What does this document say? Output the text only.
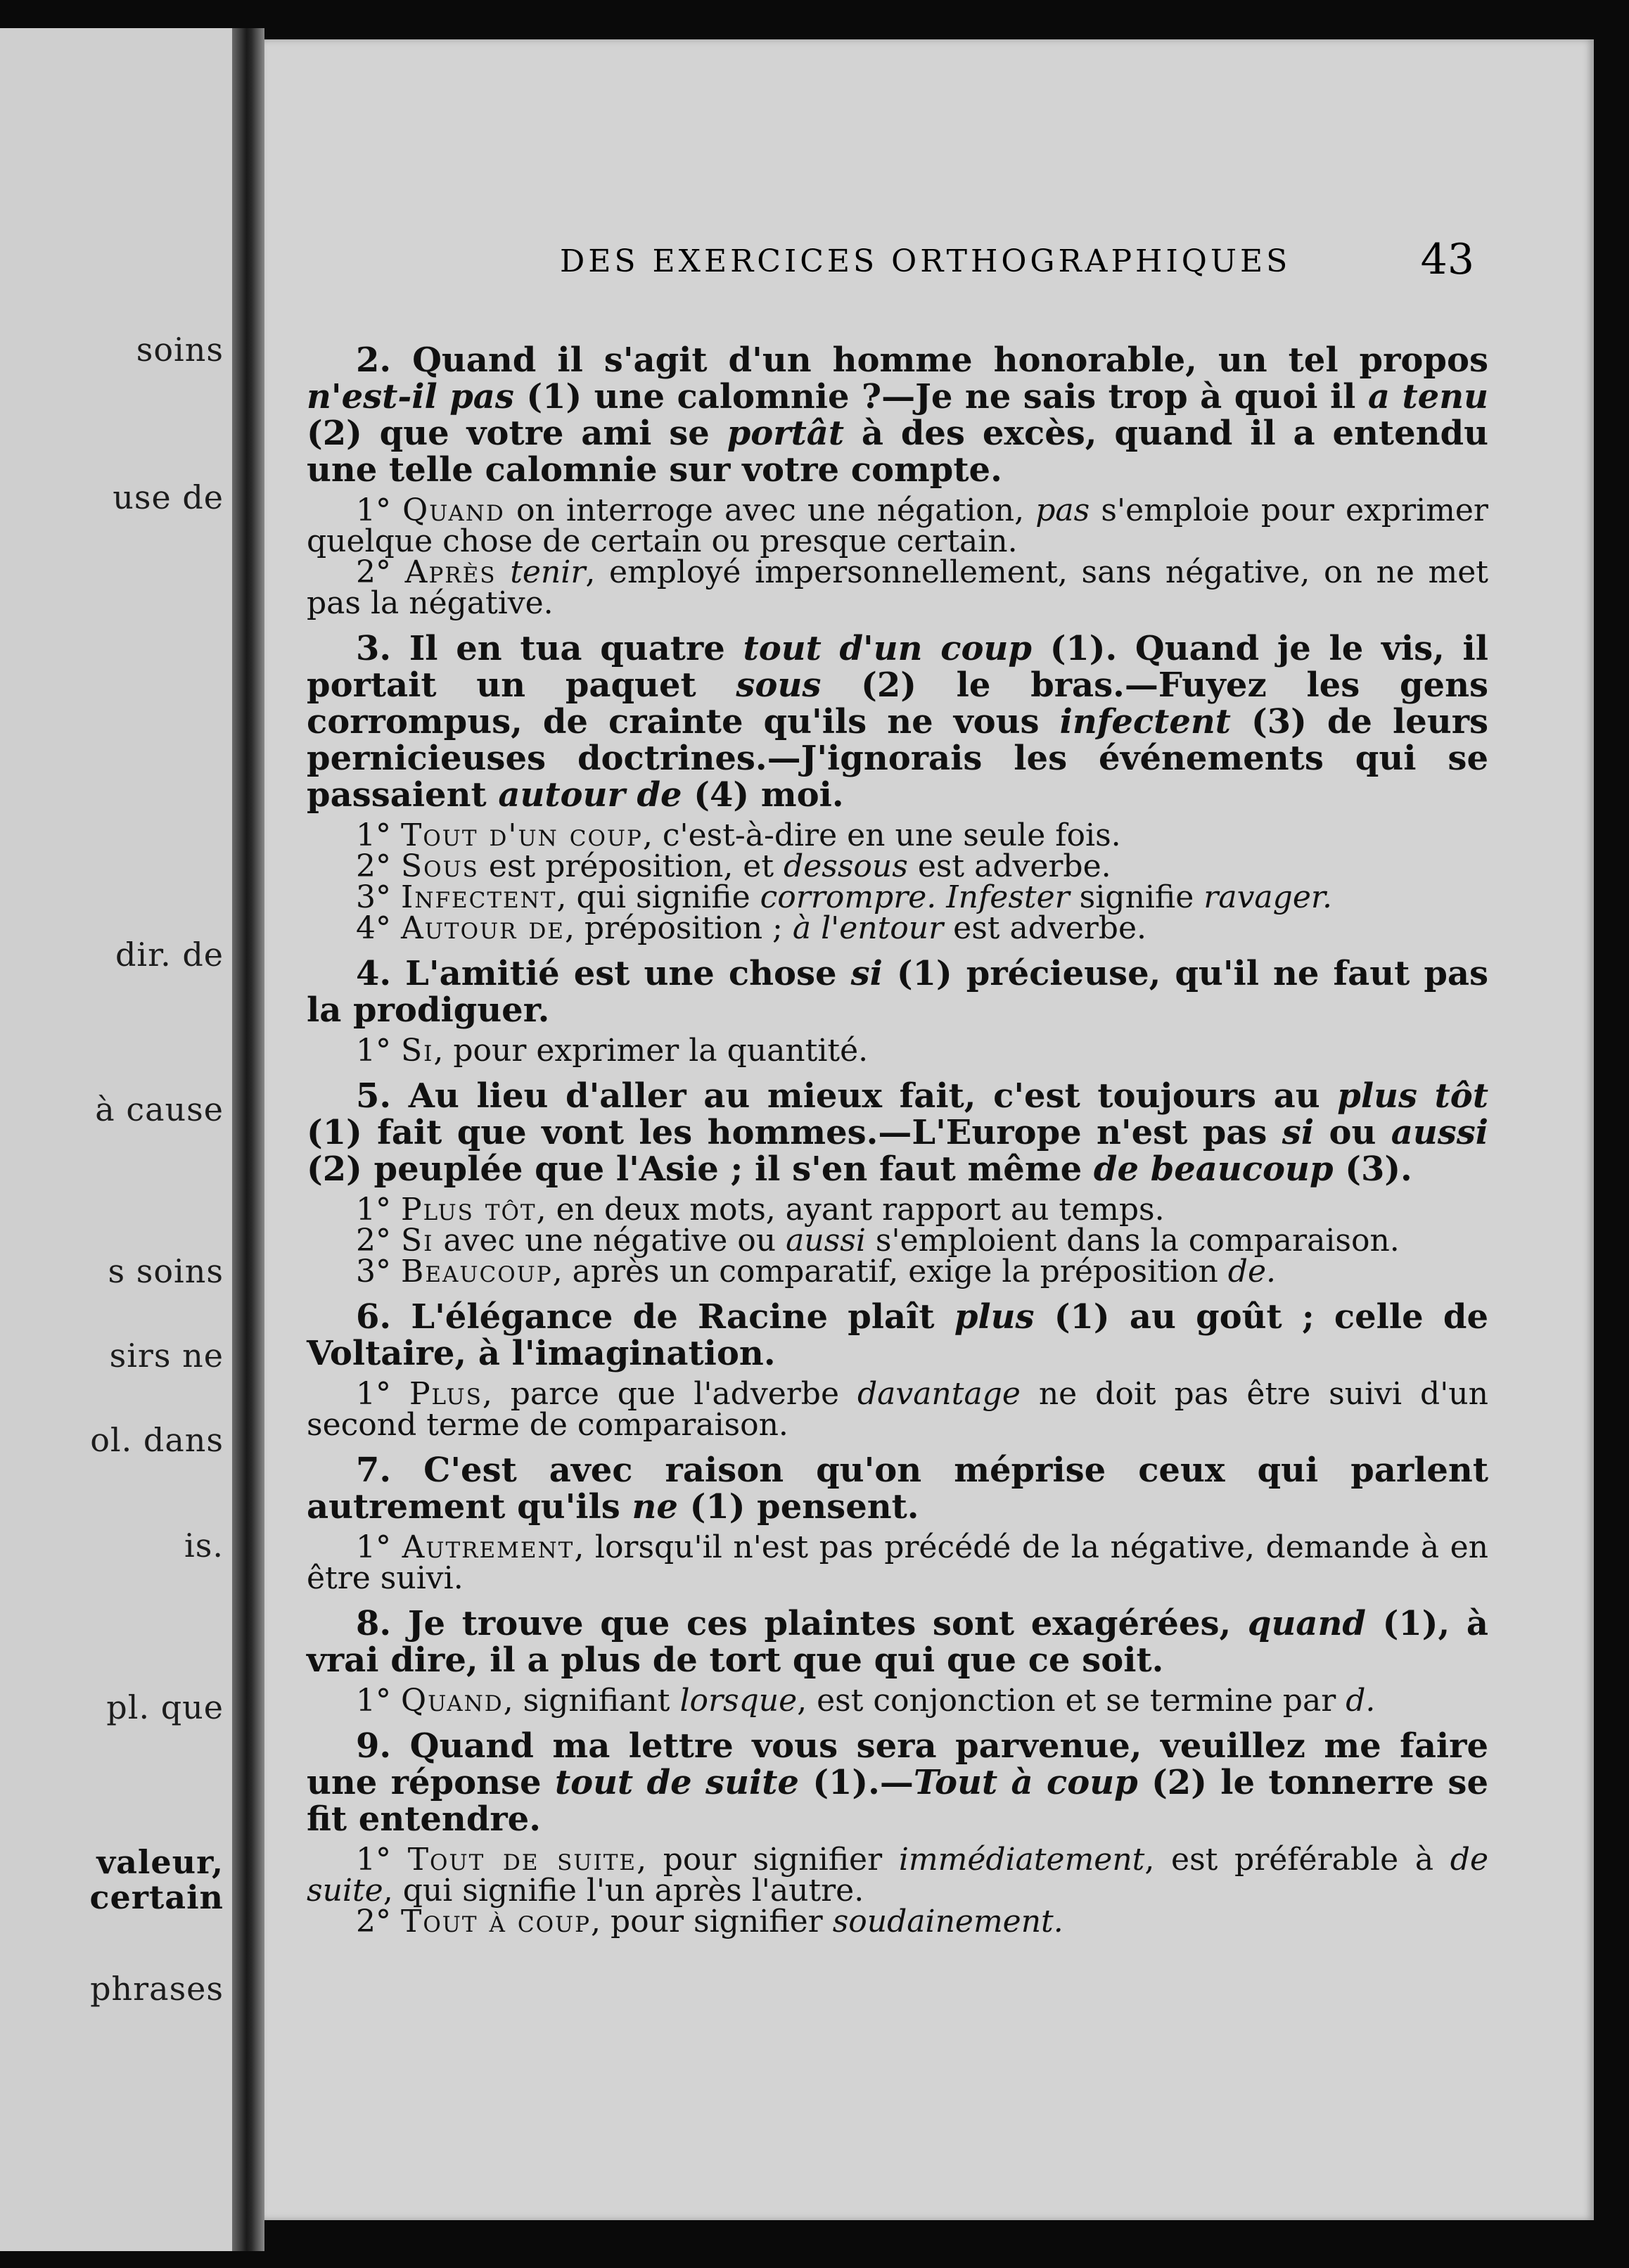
soins
use de
dir. de
à cause
s soins
sirs ne
ol. dans
is.
pl. que
valeur,
certain
phrases
DES EXERCICES ORTHOGRAPHIQUES	43

2. Quand il s'agit d'un homme honorable, un tel propos n'est-il pas (1) une calomnie ?—Je ne sais trop à quoi il a tenu (2) que votre ami se portât à des excès, quand il a entendu une telle calomnie sur votre compte.

1° Quand on interroge avec une négation, pas s'emploie pour exprimer quelque chose de certain ou presque certain.

2° Après tenir, employé impersonnellement, sans négative, on ne met pas la négative.

3. Il en tua quatre tout d'un coup (1). Quand je le vis, il portait un paquet sous (2) le bras.—Fuyez les gens corrompus, de crainte qu'ils ne vous infectent (3) de leurs pernicieuses doctrines.—J'ignorais les événements qui se passaient autour de (4) moi.

1° Tout d'un coup, c'est-à-dire en une seule fois.

2° Sous est préposition, et dessous est adverbe.

3° Infectent, qui signifie corrompre. Infester signifie ravager.

4° Autour de, préposition ; à l'entour est adverbe.

4. L'amitié est une chose si (1) précieuse, qu'il ne faut pas la prodiguer.

1° Si, pour exprimer la quantité.

5. Au lieu d'aller au mieux fait, c'est toujours au plus tôt (1) fait que vont les hommes.—L'Europe n'est pas si ou aussi (2) peuplée que l'Asie ; il s'en faut même de beaucoup (3).

1° Plus tôt, en deux mots, ayant rapport au temps.

2° Si avec une négative ou aussi s'emploient dans la comparaison.

3° Beaucoup, après un comparatif, exige la préposition de.

6. L'élégance de Racine plaît plus (1) au goût ; celle de Voltaire, à l'imagination.

1° Plus, parce que l'adverbe davantage ne doit pas être suivi d'un second terme de comparaison.

7. C'est avec raison qu'on méprise ceux qui parlent autrement qu'ils ne (1) pensent.

1° Autrement, lorsqu'il n'est pas précédé de la négative, demande à en être suivi.

8. Je trouve que ces plaintes sont exagérées, quand (1), à vrai dire, il a plus de tort que qui que ce soit.

1° Quand, signifiant lorsque, est conjonction et se termine par d.

9. Quand ma lettre vous sera parvenue, veuillez me faire une réponse tout de suite (1).—Tout à coup (2) le tonnerre se fit entendre.

1° Tout de suite, pour signifier immédiatement, est préférable à de suite, qui signifie l'un après l'autre.

2° Tout à coup, pour signifier soudainement.
